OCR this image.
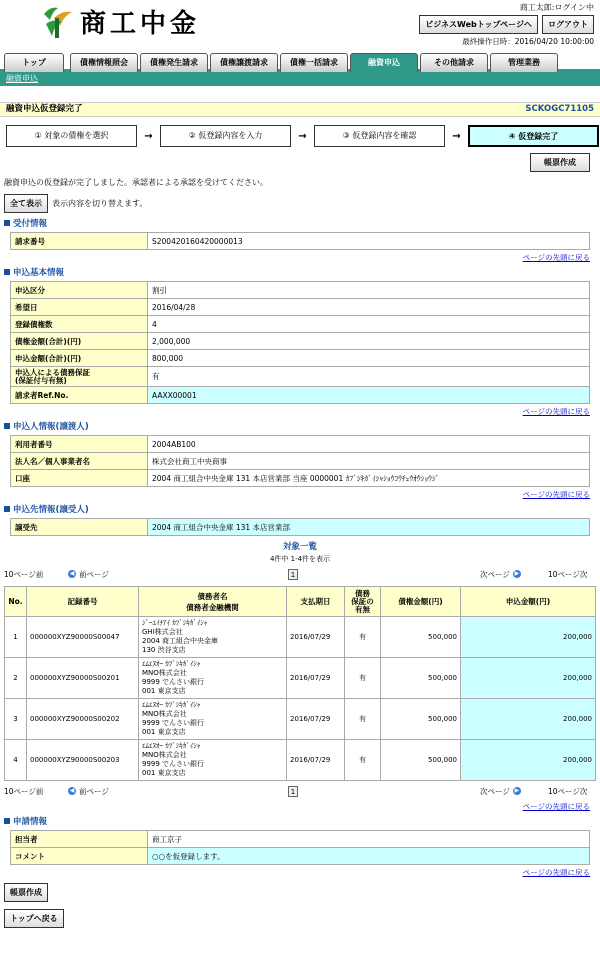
商工中金
商工太郎:ログイン中
ビジネスWebトップページへ	ログアウト
最終操作日時：2016/04/20 10:00:00
トップ	債権情報照会	債権発生請求	債権譲渡請求	債権一括請求	融資申込	その他請求	管理業務
融資申込
融資申込仮登録完了	SCKOGC71105
① 対象の債権を選択	→	② 仮登録内容を入力	→	③ 仮登録内容を確認	→	④ 仮登録完了
帳票作成
融資申込の仮登録が完了しました。承認者による承認を受けてください。
全て表示	表示内容を切り替えます。
受付情報
請求番号	S200420160420000013
ページの先頭に戻る
申込基本情報
申込区分	割引
希望日	2016/04/28
登録債権数	4
債権金額(合計)(円)	2,000,000
申込金額(合計)(円)	800,000
申込人による債務保証
(保証付与有無)	有
請求者Ref.No.	AAXX00001
ページの先頭に戻る
申込人情報(譲渡人)
利用者番号	2004AB100
法人名／個人事業者名	株式会社商工中央商事
口座	2004 商工組合中央金庫 131 本店営業部 当座 0000001 ｶﾌﾞｼｷｶﾞｲｼｬｼｮｳｺｳﾁｭｳｵｳｼｮｳｼﾞ
ページの先頭に戻る
申込先情報(譲受人)
譲受先	2004 商工組合中央金庫 131 本店営業部
対象一覧
4件中 1-4件を表示
10ページ前	◀ 前ページ	1	次ページ ▶	10ページ次
No.	記録番号	債務者名
債務者金融機関	支払期日	債務
保証の
有無	債権金額(円)	申込金額(円)
1	000000XYZ90000S00047	ｼﾞｰｴｲﾁｱｲ ｶﾌﾞｼｷｶﾞｲｼｬ
GHI株式会社
2004 商工組合中央金庫
130 渋谷支店	2016/07/29	有	500,000	200,000
2	000000XYZ90000S00201	ｴﾑｴﾇｵｰ ｶﾌﾞｼｷｶﾞｲｼｬ
MNO株式会社
9999 でんさい銀行
001 東京支店	2016/07/29	有	500,000	200,000
3	000000XYZ90000S00202	ｴﾑｴﾇｵｰ ｶﾌﾞｼｷｶﾞｲｼｬ
MNO株式会社
9999 でんさい銀行
001 東京支店	2016/07/29	有	500,000	200,000
4	000000XYZ90000S00203	ｴﾑｴﾇｵｰ ｶﾌﾞｼｷｶﾞｲｼｬ
MNO株式会社
9999 でんさい銀行
001 東京支店	2016/07/29	有	500,000	200,000
10ページ前	◀ 前ページ	1	次ページ ▶	10ページ次
ページの先頭に戻る
申請情報
担当者	商工京子
コメント	○○を仮登録します。
ページの先頭に戻る
帳票作成
トップへ戻る
